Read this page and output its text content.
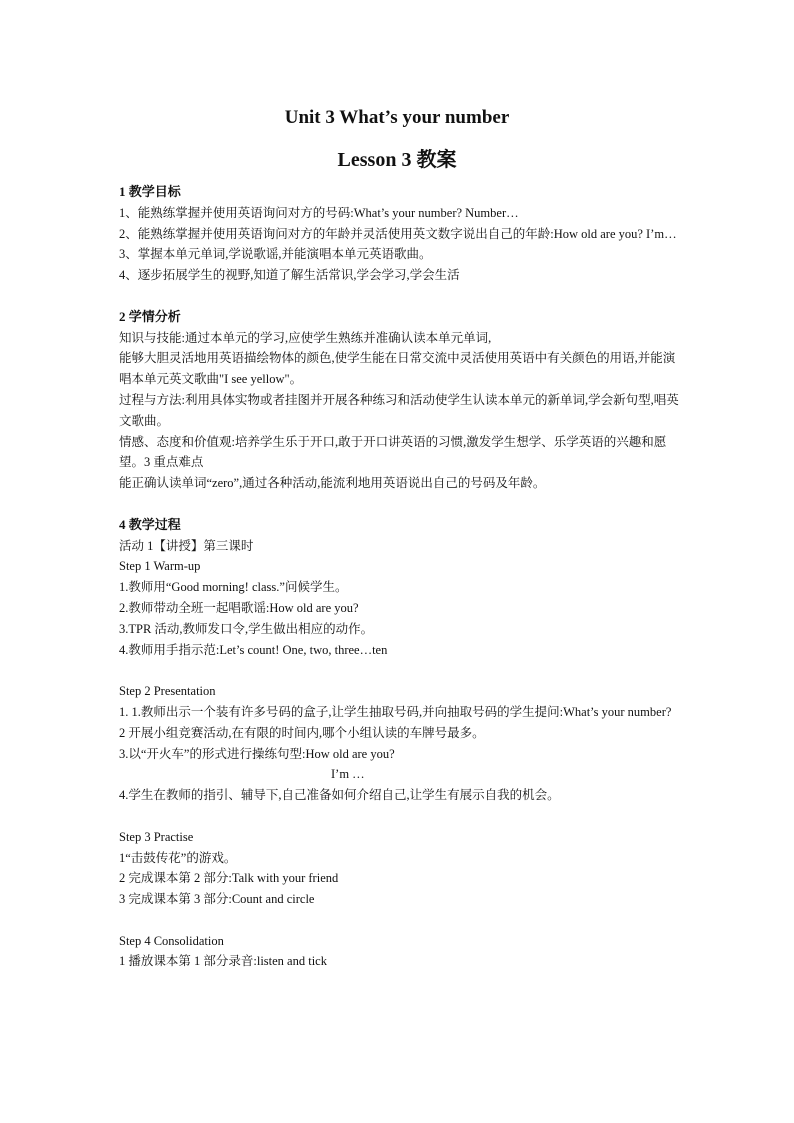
Unit 3 What’s your number
Lesson 3 教案

1 教学目标

1、能熟练掌握并使用英语询问对方的号码:What’s your number? Number…

2、能熟练掌握并使用英语询问对方的年龄并灵活使用英文数字说出自己的年龄:How old are you? I’m…

3、掌握本单元单词,学说歌谣,并能演唱本单元英语歌曲。

4、逐步拓展学生的视野,知道了解生活常识,学会学习,学会生活

2 学情分析

知识与技能:通过本单元的学习,应使学生熟练并准确认读本单元单词,

能够大胆灵活地用英语描绘物体的颜色,使学生能在日常交流中灵活使用英语中有关颜色的用语,并能演唱本单元英文歌曲"I see yellow"。

过程与方法:利用具体实物或者挂图并开展各种练习和活动使学生认读本单元的新单词,学会新句型,唱英文歌曲。

情感、态度和价值观:培养学生乐于开口,敢于开口讲英语的习惯,激发学生想学、乐学英语的兴趣和愿望。3 重点难点

能正确认读单词“zero”,通过各种活动,能流利地用英语说出自己的号码及年龄。

4 教学过程

活动 1【讲授】第三课时

Step 1 Warm-up

1.教师用“Good morning! class.”问候学生。

2.教师带动全班一起唱歌谣:How old are you?

3.TPR 活动,教师发口令,学生做出相应的动作。

4.教师用手指示范:Let’s count! One, two, three…ten

Step 2 Presentation

1. 1.教师出示一个装有许多号码的盒子,让学生抽取号码,并向抽取号码的学生提问:What’s your number?

2 开展小组竞赛活动,在有限的时间内,哪个小组认读的车牌号最多。

3.以“开火车”的形式进行操练句型:How old are you?

I’m …

4.学生在教师的指引、辅导下,自己准备如何介绍自己,让学生有展示自我的机会。

Step 3 Practise

1“击鼓传花”的游戏。

2 完成课本第 2 部分:Talk with your friend

3 完成课本第 3 部分:Count and circle

Step 4 Consolidation

1 播放课本第 1 部分录音:listen and tick
